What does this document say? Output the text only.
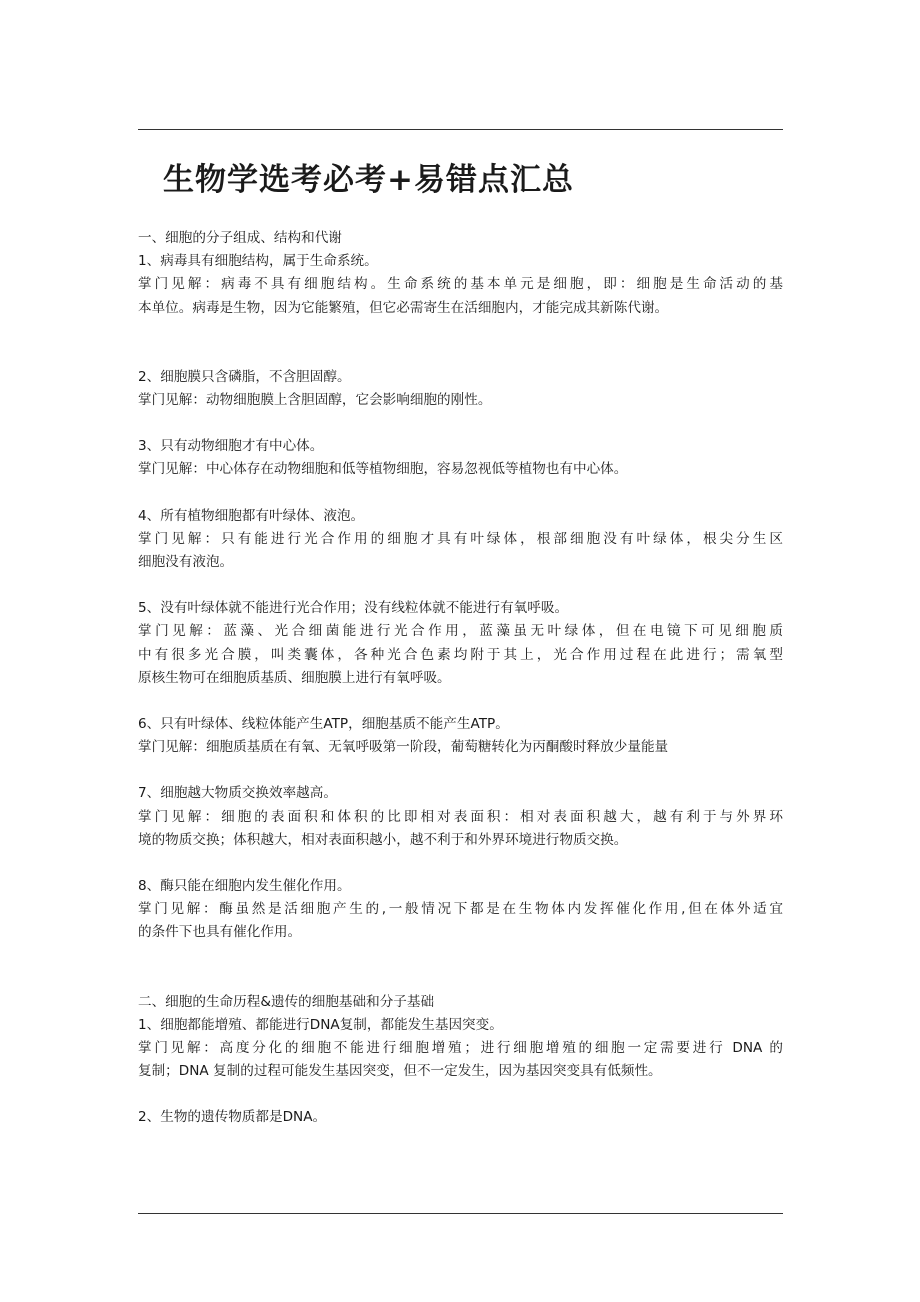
生物学选考必考+易错点汇总
一、细胞的分子组成、结构和代谢
1、病毒具有细胞结构，属于生命系统。
掌门见解：病毒不具有细胞结构。生命系统的基本单元是细胞，即：细胞是生命活动的基
本单位。病毒是生物，因为它能繁殖，但它必需寄生在活细胞内，才能完成其新陈代谢。
2、细胞膜只含磷脂，不含胆固醇。
掌门见解：动物细胞膜上含胆固醇，它会影响细胞的刚性。
3、只有动物细胞才有中心体。
掌门见解：中心体存在动物细胞和低等植物细胞，容易忽视低等植物也有中心体。
4、所有植物细胞都有叶绿体、液泡。
掌门见解：只有能进行光合作用的细胞才具有叶绿体，根部细胞没有叶绿体，根尖分生区
细胞没有液泡。
5、没有叶绿体就不能进行光合作用；没有线粒体就不能进行有氧呼吸。
掌门见解：蓝藻、光合细菌能进行光合作用，蓝藻虽无叶绿体，但在电镜下可见细胞质
中有很多光合膜，叫类囊体，各种光合色素均附于其上，光合作用过程在此进行；需氧型
原核生物可在细胞质基质、细胞膜上进行有氧呼吸。
6、只有叶绿体、线粒体能产生ATP，细胞基质不能产生ATP。
掌门见解：细胞质基质在有氧、无氧呼吸第一阶段，葡萄糖转化为丙酮酸时释放少量能量
7、细胞越大物质交换效率越高。
掌门见解：细胞的表面积和体积的比即相对表面积：相对表面积越大，越有利于与外界环
境的物质交换；体积越大，相对表面积越小，越不利于和外界环境进行物质交换。
8、酶只能在细胞内发生催化作用。
掌门见解：酶虽然是活细胞产生的,一般情况下都是在生物体内发挥催化作用,但在体外适宜
的条件下也具有催化作用。
二、细胞的生命历程&遗传的细胞基础和分子基础
1、细胞都能增殖、都能进行DNA复制，都能发生基因突变。
掌门见解：高度分化的细胞不能进行细胞增殖；进行细胞增殖的细胞一定需要进行 DNA 的
复制；DNA 复制的过程可能发生基因突变，但不一定发生，因为基因突变具有低频性。
2、生物的遗传物质都是DNA。
